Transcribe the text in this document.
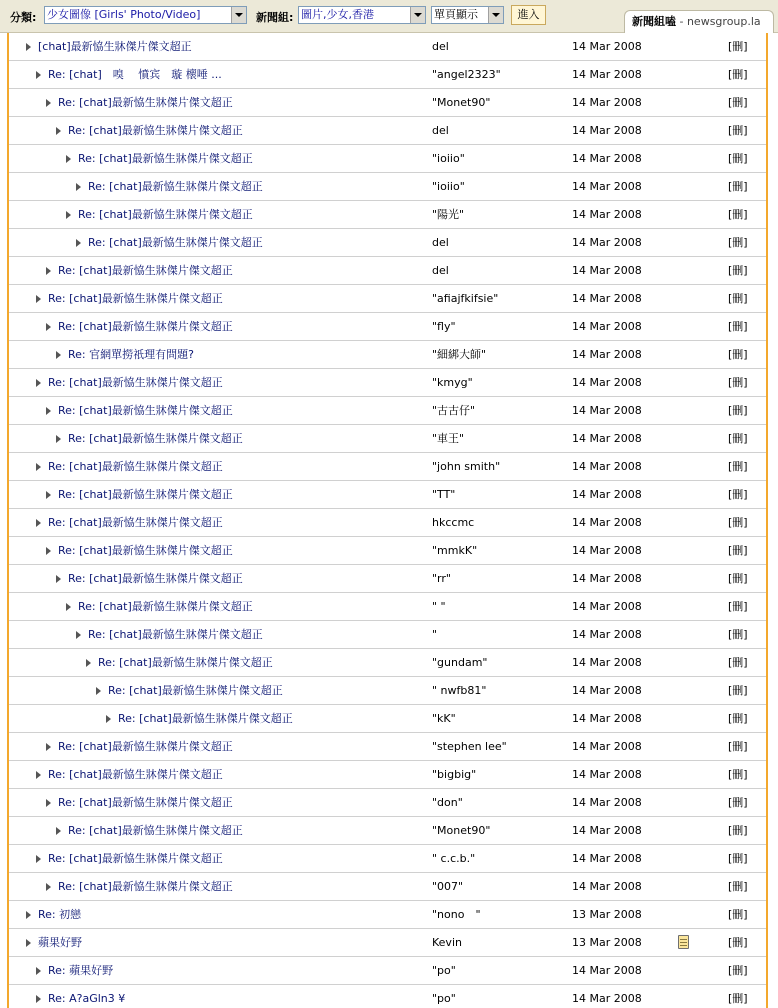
分類: 少女圖像 [Girls' Photo/Video]	新聞組: 圖片,少女,香港	單頁顯示	進入
新聞組嗑 - newsgroup.la
[chat]最新恊生牀傑片傑文超正	del	14 Mar 2008	[刪]
Re: [chat]　嗅　 憤宾　璇 櫰唾 ...	"angel2323"	14 Mar 2008	[刪]
Re: [chat]最新恊生牀傑片傑文超正	"Monet90"	14 Mar 2008	[刪]
Re: [chat]最新恊生牀傑片傑文超正	del	14 Mar 2008	[刪]
Re: [chat]最新恊生牀傑片傑文超正	"ioiio"	14 Mar 2008	[刪]
Re: [chat]最新恊生牀傑片傑文超正	"ioiio"	14 Mar 2008	[刪]
Re: [chat]最新恊生牀傑片傑文超正	"陽光"	14 Mar 2008	[刪]
Re: [chat]最新恊生牀傑片傑文超正	del	14 Mar 2008	[刪]
Re: [chat]最新恊生牀傑片傑文超正	del	14 Mar 2008	[刪]
Re: [chat]最新恊生牀傑片傑文超正	"afiajfkifsie"	14 Mar 2008	[刪]
Re: [chat]最新恊生牀傑片傑文超正	"fly"	14 Mar 2008	[刪]
Re: 官網單撈祇理有問題?	"細綁大師"	14 Mar 2008	[刪]
Re: [chat]最新恊生牀傑片傑文超正	"kmyg"	14 Mar 2008	[刪]
Re: [chat]最新恊生牀傑片傑文超正	"古古仔"	14 Mar 2008	[刪]
Re: [chat]最新恊生牀傑片傑文超正	"車王"	14 Mar 2008	[刪]
Re: [chat]最新恊生牀傑片傑文超正	"john smith"	14 Mar 2008	[刪]
Re: [chat]最新恊生牀傑片傑文超正	"TT"	14 Mar 2008	[刪]
Re: [chat]最新恊生牀傑片傑文超正	hkccmc	14 Mar 2008	[刪]
Re: [chat]最新恊生牀傑片傑文超正	"mmkK"	14 Mar 2008	[刪]
Re: [chat]最新恊生牀傑片傑文超正	"rr"	14 Mar 2008	[刪]
Re: [chat]最新恊生牀傑片傑文超正	" "	14 Mar 2008	[刪]
Re: [chat]最新恊生牀傑片傑文超正	"	14 Mar 2008	[刪]
Re: [chat]最新恊生牀傑片傑文超正	"gundam"	14 Mar 2008	[刪]
Re: [chat]最新恊生牀傑片傑文超正	" nwfb81"	14 Mar 2008	[刪]
Re: [chat]最新恊生牀傑片傑文超正	"kK"	14 Mar 2008	[刪]
Re: [chat]最新恊生牀傑片傑文超正	"stephen lee"	14 Mar 2008	[刪]
Re: [chat]最新恊生牀傑片傑文超正	"bigbig"	14 Mar 2008	[刪]
Re: [chat]最新恊生牀傑片傑文超正	"don"	14 Mar 2008	[刪]
Re: [chat]最新恊生牀傑片傑文超正	"Monet90"	14 Mar 2008	[刪]
Re: [chat]最新恊生牀傑片傑文超正	" c.c.b."	14 Mar 2008	[刪]
Re: [chat]最新恊生牀傑片傑文超正	"007"	14 Mar 2008	[刪]
Re: 初戀	"nono　"	13 Mar 2008	[刪]
蘋果好野	Kevin	13 Mar 2008	[刪]
Re: 蘋果好野	"po"	14 Mar 2008	[刪]
Re: A?aGln3 ¥	"po"	14 Mar 2008	[刪]
